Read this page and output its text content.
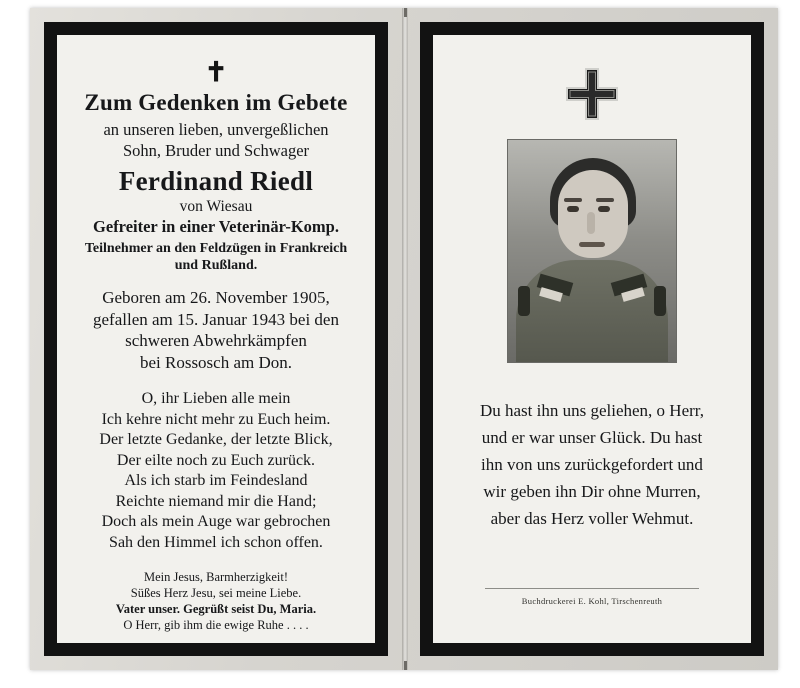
✝
Zum Gedenken im Gebete
an unseren lieben, unvergeßlichen
Sohn, Bruder und Schwager
Ferdinand Riedl
von Wiesau
Gefreiter in einer Veterinär-Komp.
Teilnehmer an den Feldzügen in Frankreich
und Rußland.
Geboren am 26. November 1905,
gefallen am 15. Januar 1943 bei den
schweren Abwehrkämpfen
bei Rossosch am Don.
O, ihr Lieben alle mein
Ich kehre nicht mehr zu Euch heim.
Der letzte Gedanke, der letzte Blick,
Der eilte noch zu Euch zurück.
Als ich starb im Feindesland
Reichte niemand mir die Hand;
Doch als mein Auge war gebrochen
Sah den Himmel ich schon offen.
Mein Jesus, Barmherzigkeit!
Süßes Herz Jesu, sei meine Liebe.
Vater unser. Gegrüßt seist Du, Maria.
O Herr, gib ihm die ewige Ruhe . . . .
Du hast ihn uns geliehen, o Herr,
und er war unser Glück. Du hast
ihn von uns zurückgefordert und
wir geben ihn Dir ohne Murren,
aber das Herz voller Wehmut.
Buchdruckerei E. Kohl, Tirschenreuth
